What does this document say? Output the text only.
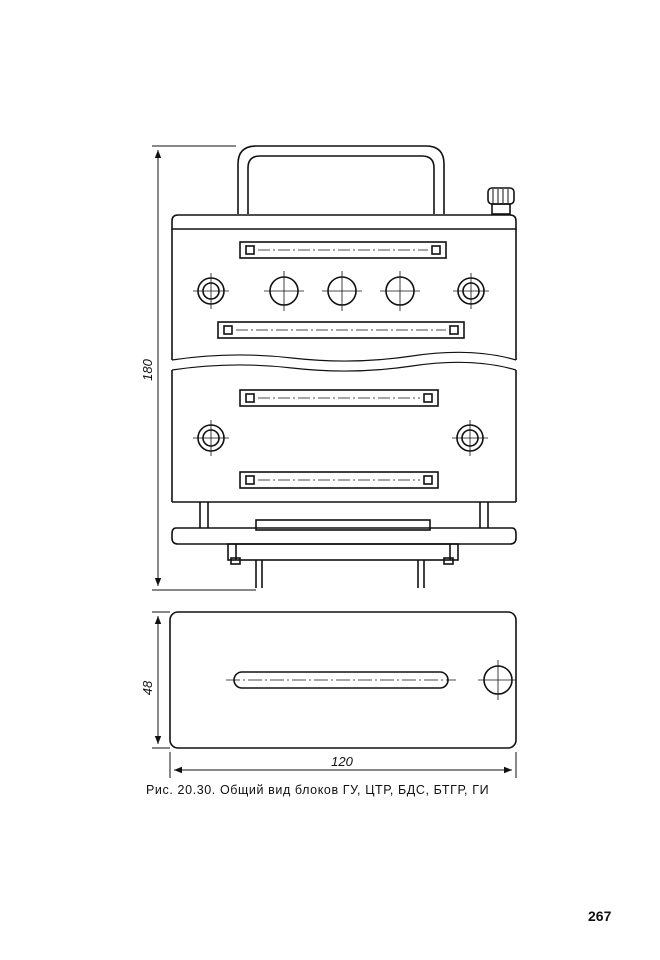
180
48
120
Рис. 20.30. Общий вид блоков ГУ, ЦТР, БДС, БТГР, ГИ
267
